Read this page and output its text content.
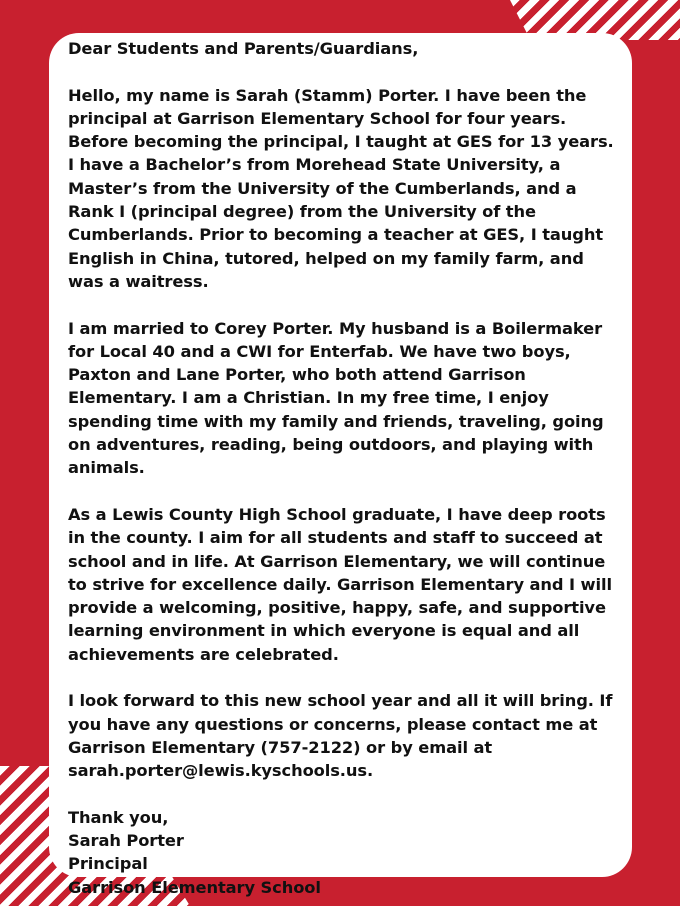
Dear Students and Parents/Guardians,

Hello, my name is Sarah (Stamm) Porter. I have been the principal at Garrison Elementary School for four years. Before becoming the principal, I taught at GES for 13 years. I have a Bachelor’s from Morehead State University, a Master’s from the University of the Cumberlands, and a Rank I (principal degree) from the University of the Cumberlands. Prior to becoming a teacher at GES, I taught English in China, tutored, helped on my family farm, and was a waitress.

I am married to Corey Porter. My husband is a Boilermaker for Local 40 and a CWI for Enterfab. We have two boys, Paxton and Lane Porter, who both attend Garrison Elementary. I am a Christian. In my free time, I enjoy spending time with my family and friends, traveling, going on adventures, reading, being outdoors, and playing with animals.

As a Lewis County High School graduate, I have deep roots in the county. I aim for all students and staff to succeed at school and in life. At Garrison Elementary, we will continue to strive for excellence daily. Garrison Elementary and I will provide a welcoming, positive, happy, safe, and supportive learning environment in which everyone is equal and all achievements are celebrated.

I look forward to this new school year and all it will bring. If you have any questions or concerns, please contact me at Garrison Elementary (757-2122) or by email at sarah.porter@lewis.kyschools.us.

Thank you,
Sarah Porter
Principal
Garrison Elementary School
